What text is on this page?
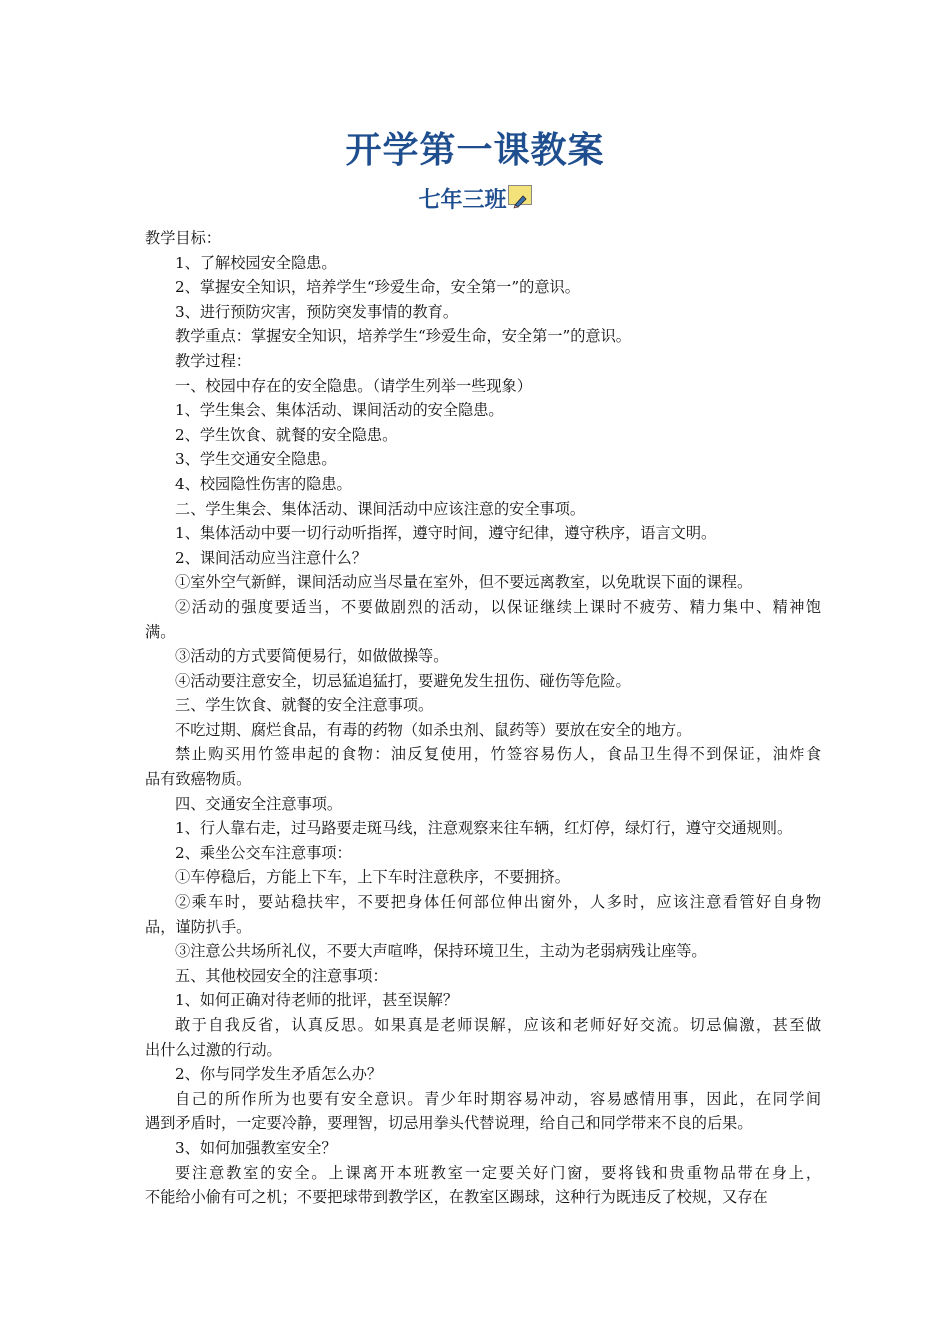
开学第一课教案
七年三班
教学目标：
1、了解校园安全隐患。
2、掌握安全知识，培养学生“珍爱生命，安全第一”的意识。
3、进行预防灾害，预防突发事情的教育。
教学重点：掌握安全知识，培养学生“珍爱生命，安全第一”的意识。
教学过程：
一、校园中存在的安全隐患。（请学生列举一些现象）
1、学生集会、集体活动、课间活动的安全隐患。
2、学生饮食、就餐的安全隐患。
3、学生交通安全隐患。
4、校园隐性伤害的隐患。
二、学生集会、集体活动、课间活动中应该注意的安全事项。
1、集体活动中要一切行动听指挥，遵守时间，遵守纪律，遵守秩序，语言文明。
2、课间活动应当注意什么？
①室外空气新鲜，课间活动应当尽量在室外，但不要远离教室，以免耽误下面的课程。
②活动的强度要适当，不要做剧烈的活动，以保证继续上课时不疲劳、精力集中、精神饱
满。
③活动的方式要简便易行，如做做操等。
④活动要注意安全，切忌猛追猛打，要避免发生扭伤、碰伤等危险。
三、学生饮食、就餐的安全注意事项。
不吃过期、腐烂食品，有毒的药物（如杀虫剂、鼠药等）要放在安全的地方。
禁止购买用竹签串起的食物：油反复使用，竹签容易伤人，食品卫生得不到保证，油炸食
品有致癌物质。
四、交通安全注意事项。
1、行人靠右走，过马路要走斑马线，注意观察来往车辆，红灯停，绿灯行，遵守交通规则。
2、乘坐公交车注意事项：
①车停稳后，方能上下车，上下车时注意秩序，不要拥挤。
②乘车时，要站稳扶牢，不要把身体任何部位伸出窗外，人多时，应该注意看管好自身物
品，谨防扒手。
③注意公共场所礼仪，不要大声喧哗，保持环境卫生，主动为老弱病残让座等。
五、其他校园安全的注意事项：
1、如何正确对待老师的批评，甚至误解？
敢于自我反省，认真反思。如果真是老师误解，应该和老师好好交流。切忌偏激，甚至做
出什么过激的行动。
2、你与同学发生矛盾怎么办？
自己的所作所为也要有安全意识。青少年时期容易冲动，容易感情用事，因此，在同学间
遇到矛盾时，一定要冷静，要理智，切忌用拳头代替说理，给自己和同学带来不良的后果。
3、如何加强教室安全？
要注意教室的安全。上课离开本班教室一定要关好门窗，要将钱和贵重物品带在身上，
不能给小偷有可之机；不要把球带到教学区，在教室区踢球，这种行为既违反了校规，又存在
